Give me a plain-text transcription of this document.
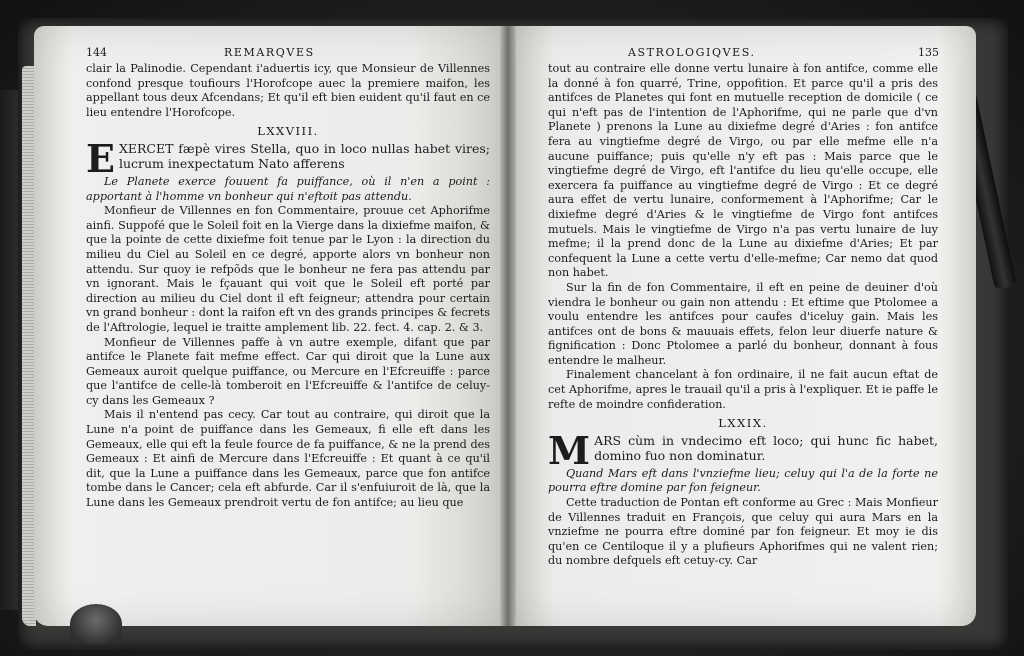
144	REMARQVES

clair la Palinodie. Cependant i'aduertis icy, que Monsieur de Villennes confond presque toufiours l'Horofcope auec la premiere maifon, les appellant tous deux Afcendans; Et qu'il eft bien euident qu'il faut en ce lieu entendre l'Horofcope.

LXXVIII.
E XERCET fæpè vires Stella, quo in loco nullas habet vires; lucrum inexpectatum Nato afferens

Le Planete exerce fouuent fa puiffance, où il n'en a point : apportant à l'homme vn bonheur qui n'eftoit pas attendu.

Monfieur de Villennes en fon Commentaire, prouue cet Aphorifme ainfi. Suppofé que le Soleil foit en la Vierge dans la dixiefme maifon, & que la pointe de cette dixiefme foit tenue par le Lyon : la direction du milieu du Ciel au Soleil en ce degré, apporte alors vn bonheur non attendu. Sur quoy ie refpõds que le bonheur ne fera pas attendu par vn ignorant. Mais le fçauant qui voit que le Soleil eft porté par direction au milieu du Ciel dont il eft feigneur; attendra pour certain vn grand bonheur : dont la raifon eft vn des grands principes & fecrets de l'Aftrologie, lequel ie traitte amplement lib. 22. fect. 4. cap. 2. & 3.

Monfieur de Villennes paffe à vn autre exemple, difant que par antifce le Planete fait mefme effect. Car qui diroit que la Lune aux Gemeaux auroit quelque puiffance, ou Mercure en l'Efcreuiffe : parce que l'antifce de celle-là tomberoit en l'Efcreuiffe & l'antifce de celuy-cy dans les Gemeaux ?

Mais il n'entend pas cecy. Car tout au contraire, qui diroit que la Lune n'a point de puiffance dans les Gemeaux, fi elle eft dans les Gemeaux, elle qui eft la feule fource de fa puiffance, & ne la prend des Gemeaux : Et ainfi de Mercure dans l'Efcreuiffe : Et quant à ce qu'il dit, que la Lune a puiffance dans les Gemeaux, parce que fon antifce tombe dans le Cancer; cela eft abfurde. Car il s'enfuiuroit de là, que la Lune dans les Gemeaux prendroit vertu de fon antifce; au lieu que

ASTROLOGIQVES.	135

tout au contraire elle donne vertu lunaire à fon antifce, comme elle la donné à fon quarré, Trine, oppofition. Et parce qu'il a pris des antifces de Planetes qui font en mutuelle reception de domicile ( ce qui n'eft pas de l'intention de l'Aphorifme, qui ne parle que d'vn Planete ) prenons la Lune au dixiefme degré d'Aries : fon antifce fera au vingtiefme degré de Virgo, ou par elle mefme elle n'a aucune puiffance; puis qu'elle n'y eft pas : Mais parce que le vingtiefme degré de Virgo, eft l'antifce du lieu qu'elle occupe, elle exercera fa puiffance au vingtiefme degré de Virgo : Et ce degré aura effet de vertu lunaire, conformement à l'Aphorifme; Car le dixiefme degré d'Aries & le vingtiefme de Virgo font antifces mutuels. Mais le vingtiefme de Virgo n'a pas vertu lunaire de luy mefme; il la prend donc de la Lune au dixiefme d'Aries; Et par confequent la Lune a cette vertu d'elle-mefme; Car nemo dat quod non habet.

Sur la fin de fon Commentaire, il eft en peine de deuiner d'où viendra le bonheur ou gain non attendu : Et eftime que Ptolomee a voulu entendre les antifces pour caufes d'iceluy gain. Mais les antifces ont de bons & mauuais effets, felon leur diuerfe nature & fignification : Donc Ptolomee a parlé du bonheur, donnant à fous entendre le malheur.

Finalement chancelant à fon ordinaire, il ne fait aucun eftat de cet Aphorifme, apres le trauail qu'il a pris à l'expliquer. Et ie paffe le refte de moindre confideration.

LXXIX.
M ARS cùm in vndecimo eft loco; qui hunc fic habet, domino fuo non dominatur.

Quand Mars eft dans l'vnziefme lieu; celuy qui l'a de la forte ne pourra eftre domine par fon feigneur.

Cette traduction de Pontan eft conforme au Grec : Mais Monfieur de Villennes traduit en François, que celuy qui aura Mars en la vnziefme ne pourra eftre dominé par fon feigneur. Et moy ie dis qu'en ce Centiloque il y a plufieurs Aphorifmes qui ne valent rien; du nombre defquels eft cetuy-cy. Car
